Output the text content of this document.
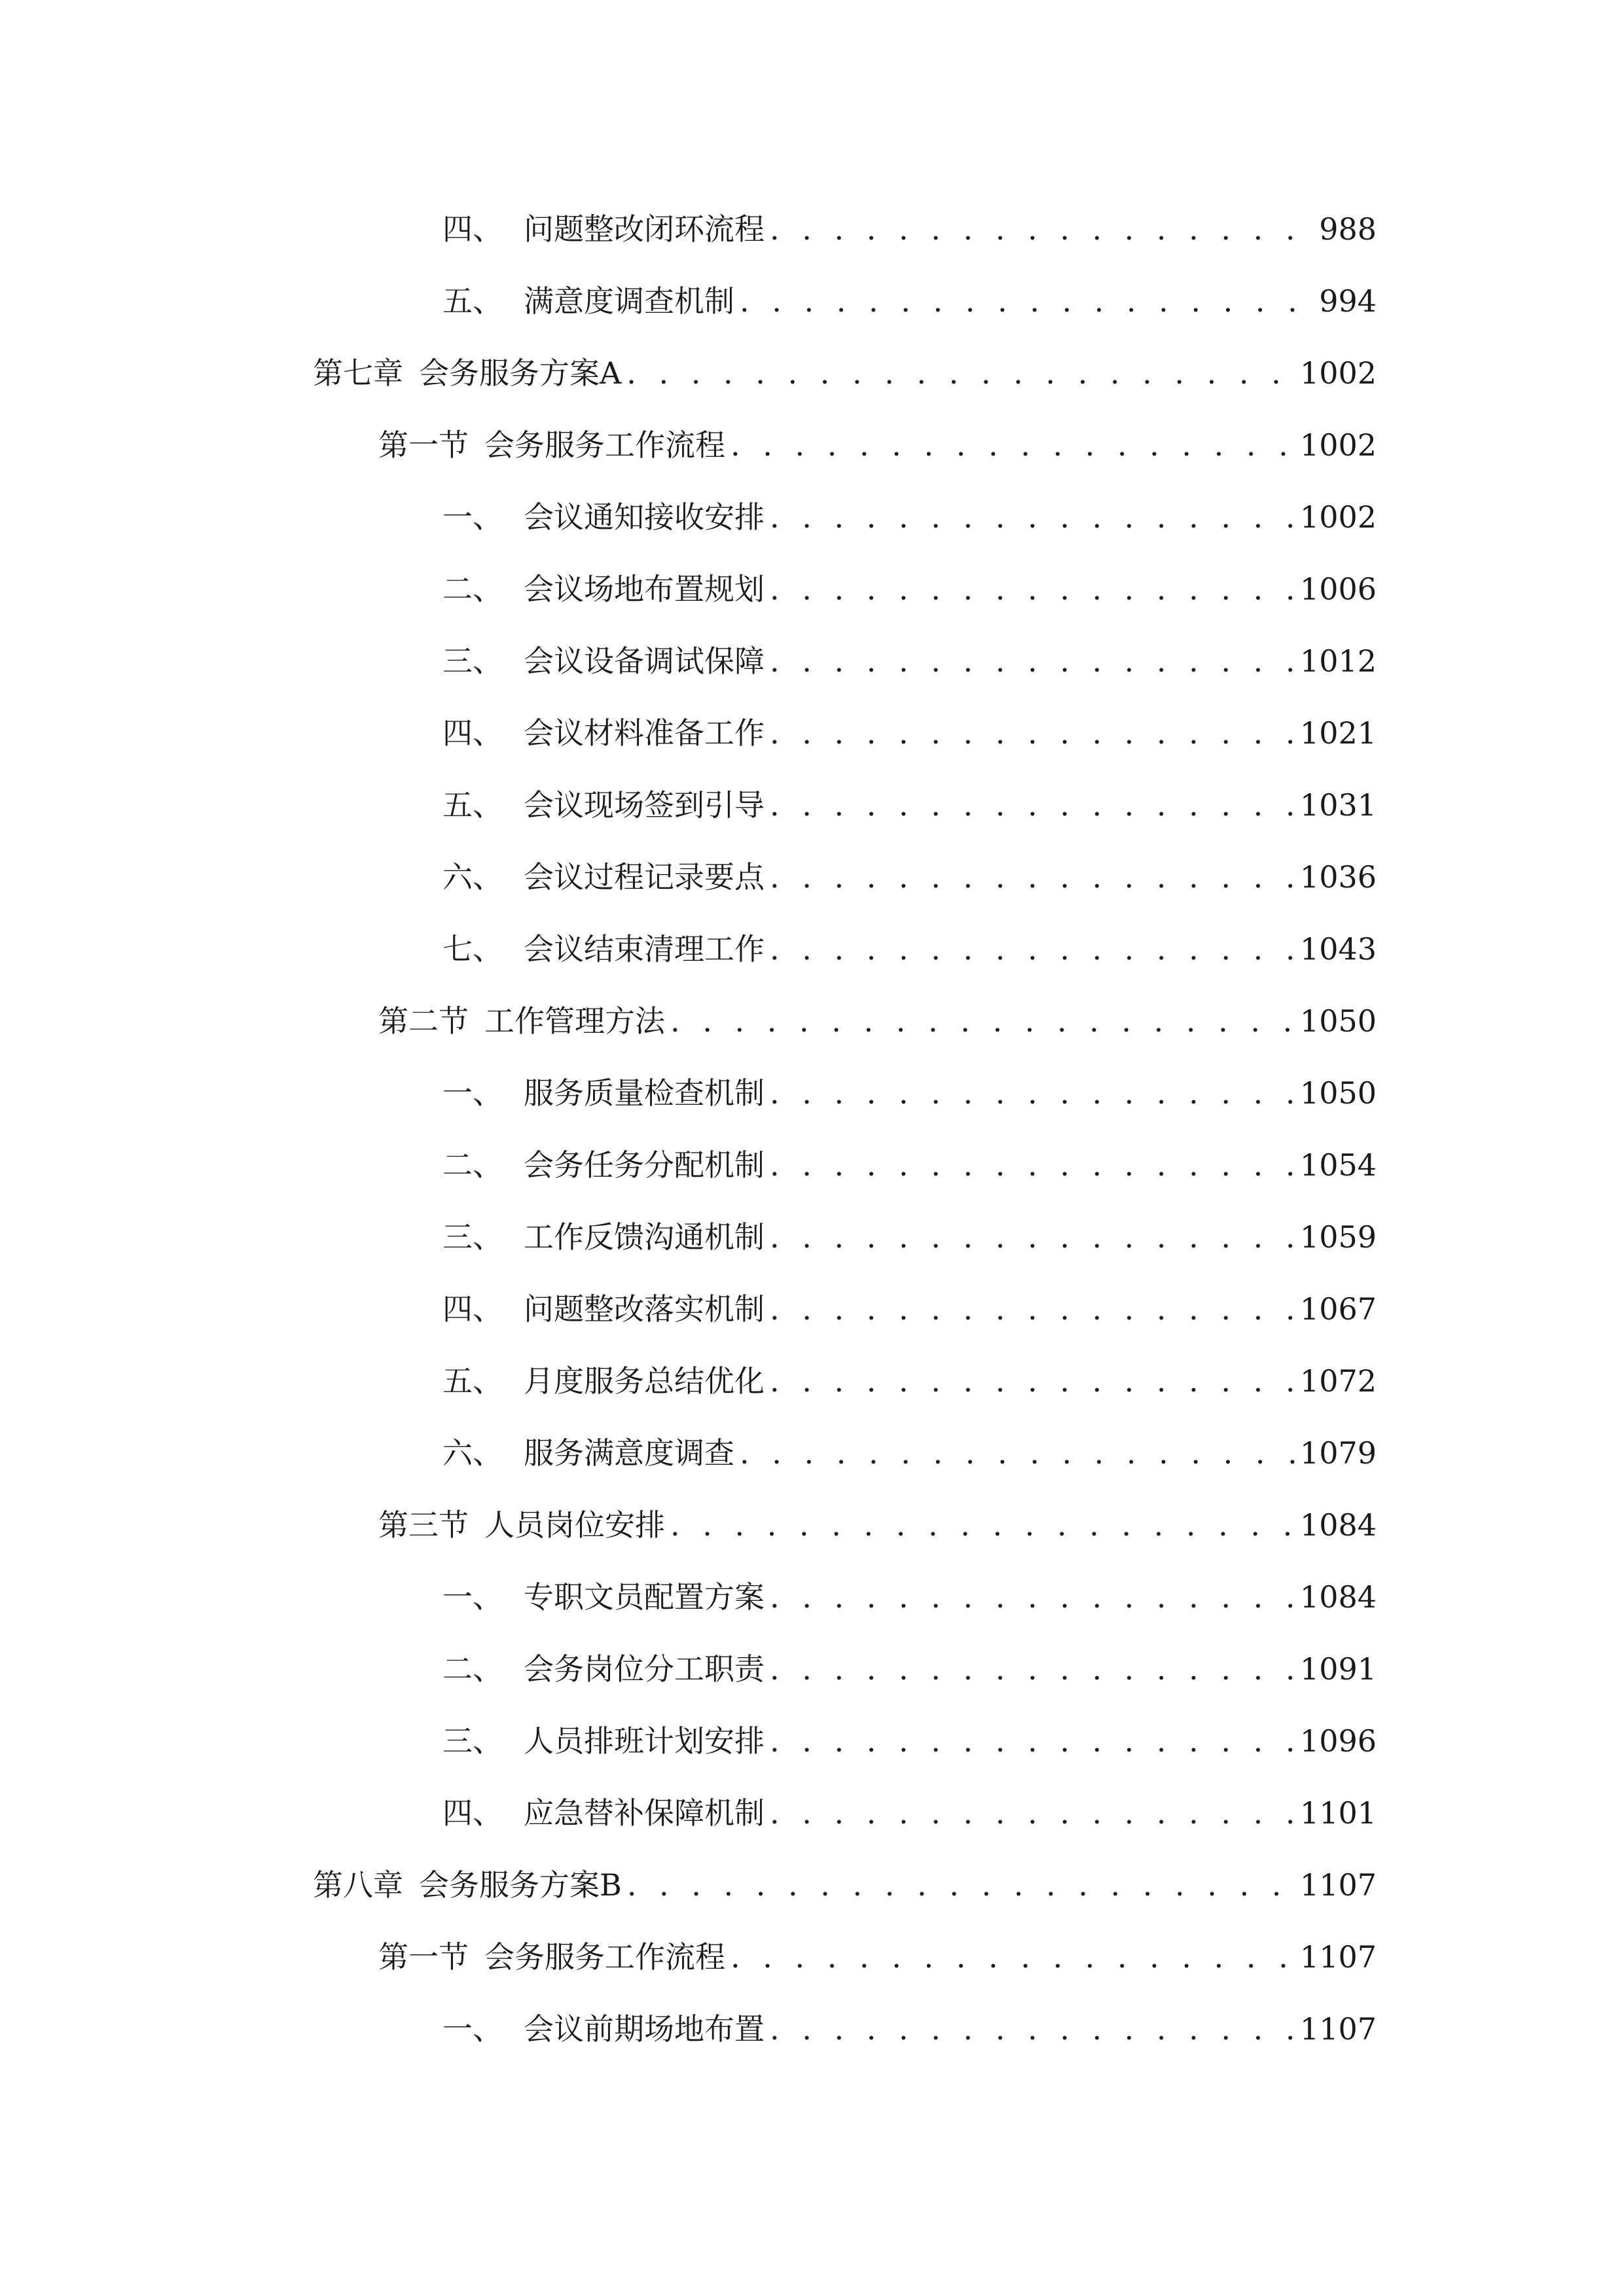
四、 问题整改闭环流程 . . .	988
五、 满意度调查机制 . . .	994
第七章 会务服务方案A . . .	1002
第一节 会务服务工作流程 . . .	1002
一、 会议通知接收安排 . . .	1002
二、 会议场地布置规划 . . .	1006
三、 会议设备调试保障 . . .	1012
四、 会议材料准备工作 . . .	1021
五、 会议现场签到引导 . . .	1031
六、 会议过程记录要点 . . .	1036
七、 会议结束清理工作 . . .	1043
第二节 工作管理方法 . . .	1050
一、 服务质量检查机制 . . .	1050
二、 会务任务分配机制 . . .	1054
三、 工作反馈沟通机制 . . .	1059
四、 问题整改落实机制 . . .	1067
五、 月度服务总结优化 . . .	1072
六、 服务满意度调查 . . .	1079
第三节 人员岗位安排 . . .	1084
一、 专职文员配置方案 . . .	1084
二、 会务岗位分工职责 . . .	1091
三、 人员排班计划安排 . . .	1096
四、 应急替补保障机制 . . .	1101
第八章 会务服务方案B . . .	1107
第一节 会务服务工作流程 . . .	1107
一、 会议前期场地布置 . . .	1107
